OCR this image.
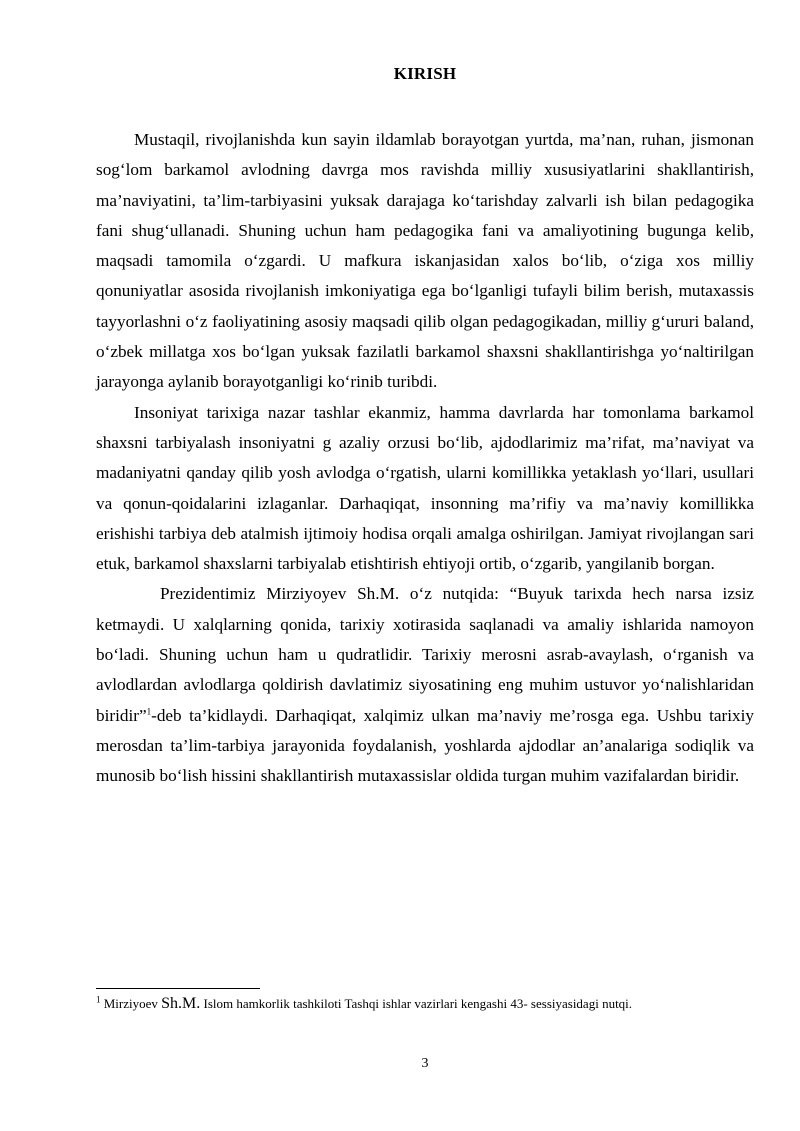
KIRISH

Mustaqil, rivojlanishda kun sayin ildamlab borayotgan yurtda, ma’nan, ruhan, jismonan sog‘lom barkamol avlodning davrga mos ravishda milliy xususiyatlarini shakllantirish, ma’naviyatini, ta’lim-tarbiyasini yuksak darajaga ko‘tarishday zalvarli ish bilan pedagogika fani shug‘ullanadi. Shuning uchun ham pedagogika fani va amaliyotining bugunga kelib, maqsadi tamomila o‘zgardi. U mafkura iskanjasidan xalos bo‘lib, o‘ziga xos milliy qonuniyatlar asosida rivojlanish imkoniyatiga ega bo‘lganligi tufayli bilim berish, mutaxassis tayyorlashni o‘z faoliyatining asosiy maqsadi qilib olgan pedagogikadan, milliy g‘ururi baland, o‘zbek millatga xos bo‘lgan yuksak fazilatli barkamol shaxsni shakllantirishga yo‘naltirilgan jarayonga aylanib borayotganligi ko‘rinib turibdi.

Insoniyat tarixiga nazar tashlar ekanmiz, hamma davrlarda har tomonlama barkamol shaxsni tarbiyalash insoniyatni g azaliy orzusi bo‘lib, ajdodlarimiz ma’rifat, ma’naviyat va madaniyatni qanday qilib yosh avlodga o‘rgatish, ularni komillikka yetaklash yo‘llari, usullari va qonun-qoidalarini izlaganlar. Darhaqiqat, insonning ma’rifiy va ma’naviy komillikka erishishi tarbiya deb atalmish ijtimoiy hodisa orqali amalga oshirilgan. Jamiyat rivojlangan sari etuk, barkamol shaxslarni tarbiyalab etishtirish ehtiyoji ortib, o‘zgarib, yangilanib borgan.

Prezidentimiz Mirziyoyev Sh.M. o‘z nutqida: “Buyuk tarixda hech narsa izsiz ketmaydi. U xalqlarning qonida, tarixiy xotirasida saqlanadi va amaliy ishlarida namoyon bo‘ladi. Shuning uchun ham u qudratlidir. Tarixiy merosni asrab-avaylash, o‘rganish va avlodlardan avlodlarga qoldirish davlatimiz siyosatining eng muhim ustuvor yo‘nalishlaridan biridir”$^1$-deb ta’kidlaydi. Darhaqiqat, xalqimiz ulkan ma’naviy me’rosga ega. Ushbu tarixiy merosdan ta’lim-tarbiya jarayonida foydalanish, yoshlarda ajdodlar an’analariga sodiqlik va munosib bo‘lish hissini shakllantirish mutaxassislar oldida turgan muhim vazifalardan biridir.

$^1$ Mirziyoev Sh.M. Islom hamkorlik tashkiloti Tashqi ishlar vazirlari kengashi 43- sessiyasidagi nutqi.
3
